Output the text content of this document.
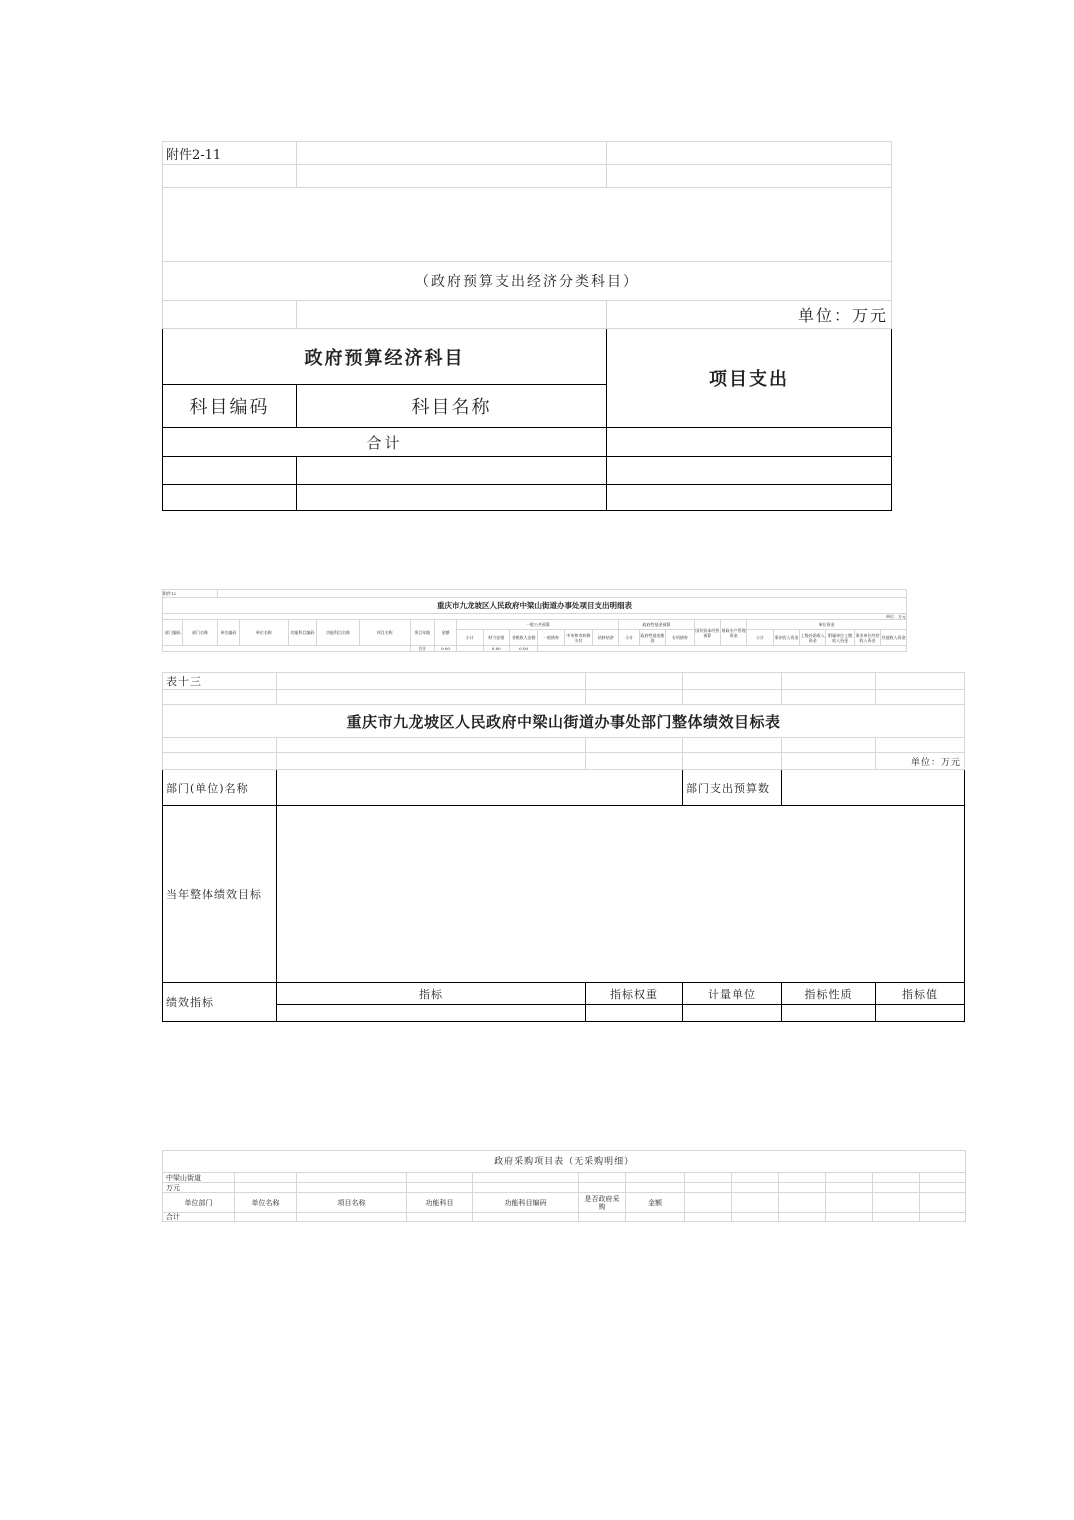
附件2-11		

（政府预算支出经济分类科目）		
		单位：万元
政府预算经济科目		项目支出
科目编码	科目名称	
合计		

附件12																									
重庆市九龙坡区人民政府中梁山街道办事处项目支出明细表																									
单位：万元																									
部门编码	部门名称	单位编码	单位名称	功能科目编码	功能科目名称	项目名称	项目年限	金额	一般公共预算						政府性基金预算			国有资本经营预算	财政专户管理资金	单位资金					
									小计	财力安排	非税收入安排	一般债券	中央和市转移支付	结转结余	小计	政府性基金拨款	专项债券			小计	事业收入资金	上级补助收入资金	附属单位上缴收入资金	事业单位经营收入资金	其他收入资金
							合计	0.00		0.00	0.00														
表十三					

重庆市九龙坡区人民政府中梁山街道办事处部门整体绩效目标表					

					单位：万元
部门(单位)名称			部门支出预算数		
当年整体绩效目标					
绩效指标	指标	指标权重	计量单位	指标性质	指标值

政府采购项目表（无采购明细）												
中梁山街道												
万元												
单位部门	单位名称	项目名称	功能科目	功能科目编码	是否政府采购	金额						
合计												
